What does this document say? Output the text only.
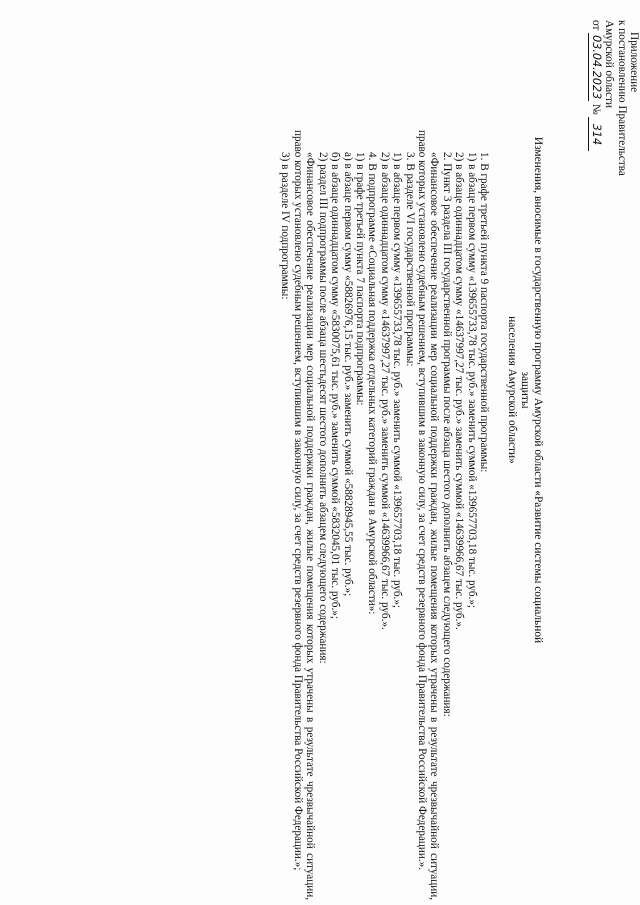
Приложение
к постановлению Правительства
Амурской области
от 03.04.2023 № 314
Изменения, вносимые в государственную программу Амурской области «Развитие системы социальной защиты
населения Амурской области»

1. В графе третьей пункта 9 паспорта государственной программы:

1) в абзаце первом сумму «139655733,78 тыс. руб.» заменить суммой «139657703,18 тыс. руб.»;

2) в абзаце одиннадцатом сумму «14637997,27 тыс. руб.» заменить суммой «14639966,67 тыс. руб.».

2. Пункт 3 раздела III государственной программы после абзаца шестого дополнить абзацем следующего содержания:

«Финансовое обеспечение реализации мер социальной поддержки граждан, жилые помещения которых утрачены в результате чрезвычайной ситуации, право которых установлено судебным решением, вступившим в законную силу, за счет средств резервного фонда Правительства Российской Федерации.».

3. В разделе VI государственной программы:

1) в абзаце первом сумму «139655733,78 тыс. руб.» заменить суммой «139657703,18 тыс. руб.»;

2) в абзаце одиннадцатом сумму «14637997,27 тыс. руб.» заменить суммой «14639966,67 тыс. руб.».

4. В подпрограмме «Социальная поддержка отдельных категорий граждан в Амурской области»:

1) в графе третьей пункта 7 паспорта подпрограммы:

а) в абзаце первом сумму «58826976,15 тыс. руб.» заменить суммой «58828945,55 тыс. руб.»;

б) в абзаце одиннадцатом сумму «5830075,61 тыс. руб.» заменить суммой «5832045,01 тыс. руб.»;

2) раздел III подпрограммы после абзаца шестьдесят шестого дополнить абзацем следующего содержания:

«Финансовое обеспечение реализации мер социальной поддержки граждан, жилые помещения которых утрачены в результате чрезвычайной ситуации, право которых установлено судебным решением, вступившим в законную силу, за счет средств резервного фонда Правительства Российской Федерации.»;

3) в разделе IV подпрограммы:
